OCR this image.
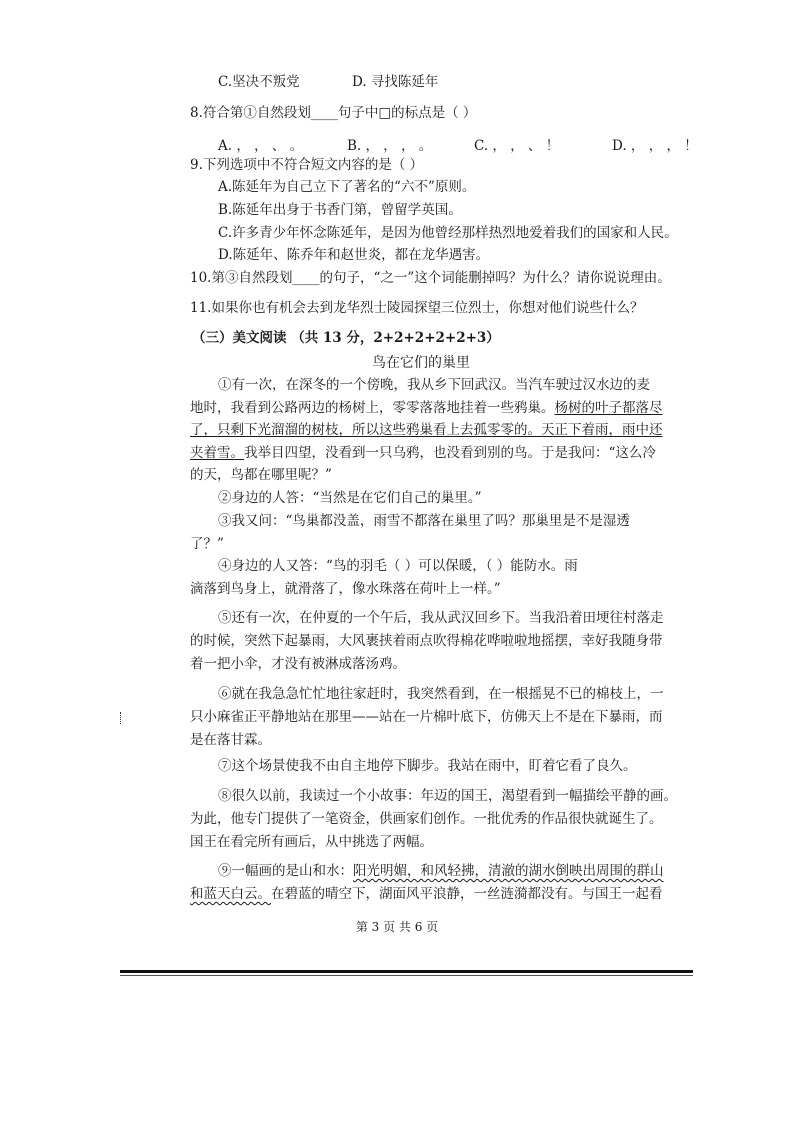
C.坚决不叛党	D. 寻找陈延年
8.符合第①自然段划____句子中□的标点是（ ）
A. ， ， 、 。	B. ， ， ， 。	C. ， ， 、 ！	D. ， ， ， ！
9.下列选项中不符合短文内容的是（ ）
A.陈延年为自己立下了著名的“六不”原则。
B.陈延年出身于书香门第，曾留学英国。
C.许多青少年怀念陈延年，是因为他曾经那样热烈地爱着我们的国家和人民。
D.陈延年、陈乔年和赵世炎，都在龙华遇害。
10.第③自然段划____的句子，“之一”这个词能删掉吗？为什么？请你说说理由。
11.如果你也有机会去到龙华烈士陵园探望三位烈士，你想对他们说些什么？
（三）美文阅读 （共 13 分，2+2+2+2+2+3）
鸟在它们的巢里
①有一次，在深冬的一个傍晚，我从乡下回武汉。当汽车驶过汉水边的麦
地时，我看到公路两边的杨树上，零零落落地挂着一些鸦巢。杨树的叶子都落尽
了，只剩下光溜溜的树枝，所以这些鸦巢看上去孤零零的。天正下着雨，雨中还
夹着雪。我举目四望，没看到一只乌鸦，也没看到别的鸟。于是我问：“这么冷
的天，鸟都在哪里呢？”
②身边的人答：“当然是在它们自己的巢里。”
③我又问：“鸟巢都没盖，雨雪不都落在巢里了吗？那巢里是不是湿透
了？”
④身边的人又答：“鸟的羽毛（ ）可以保暖，（ ）能防水。雨
滴落到鸟身上，就滑落了，像水珠落在荷叶上一样。”
⑤还有一次，在仲夏的一个午后，我从武汉回乡下。当我沿着田埂往村落走
的时候，突然下起暴雨，大风裹挟着雨点吹得棉花哗啦啦地摇摆，幸好我随身带
着一把小伞，才没有被淋成落汤鸡。
⑥就在我急急忙忙地往家赶时，我突然看到，在一根摇晃不已的棉枝上，一
只小麻雀正平静地站在那里——站在一片棉叶底下，仿佛天上不是在下暴雨，而
是在落甘霖。
⑦这个场景使我不由自主地停下脚步。我站在雨中，盯着它看了良久。
⑧很久以前，我读过一个小故事：年迈的国王，渴望看到一幅描绘平静的画。
为此，他专门提供了一笔资金，供画家们创作。一批优秀的作品很快就诞生了。
国王在看完所有画后，从中挑选了两幅。
⑨一幅画的是山和水：阳光明媚，和风轻拂，清澈的湖水倒映出周围的群山
和蓝天白云。在碧蓝的晴空下，湖面风平浪静，一丝涟漪都没有。与国王一起看
第 3 页 共 6 页
